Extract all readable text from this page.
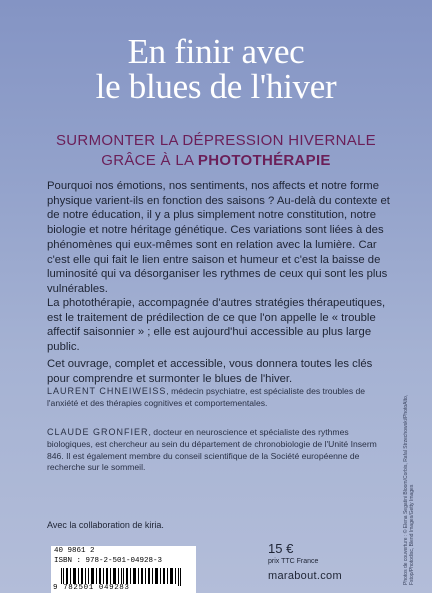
En finir avec
le blues de l'hiver
SURMONTER LA DÉPRESSION HIVERNALE
GRÂCE À LA PHOTOTHÉRAPIE
Pourquoi nos émotions, nos sentiments, nos affects et notre forme physique varient-ils en fonction des saisons ? Au-delà du contexte et de notre éducation, il y a plus simplement notre constitution, notre biologie et notre héritage génétique. Ces variations sont liées à des phénomènes qui eux-mêmes sont en relation avec la lumière. Car c'est elle qui fait le lien entre saison et humeur et c'est la baisse de luminosité qui va désorganiser les rythmes de ceux qui sont les plus vulnérables.
La photothérapie, accompagnée d'autres stratégies thérapeutiques, est le traitement de prédilection de ce que l'on appelle le « trouble affectif saisonnier » ; elle est aujourd'hui accessible au plus large public.
Cet ouvrage, complet et accessible, vous donnera toutes les clés pour comprendre et surmonter le blues de l'hiver.
LAURENT CHNEIWEISS, médecin psychiatre, est spécialiste des troubles de l'anxiété et des thérapies cognitives et comportementales.
CLAUDE GRONFIER, docteur en neuroscience et spécialiste des rythmes biologiques, est chercheur au sein du département de chronobiologie de l'Unité Inserm 846. Il est également membre du conseil scientifique de la Société européenne de recherche sur le sommeil.
Avec la collaboration de kiria.
40 9861 2
ISBN : 978-2-501-04928-3
9 782501 049283
15 €
prix TTC France
marabout.com	Photos de couverture : © Elena Segatini Bloom/Corbis, Rafal Strzechowski/PhotoAlto, Fstop/Photodisc, Blend Images/Getty Images
